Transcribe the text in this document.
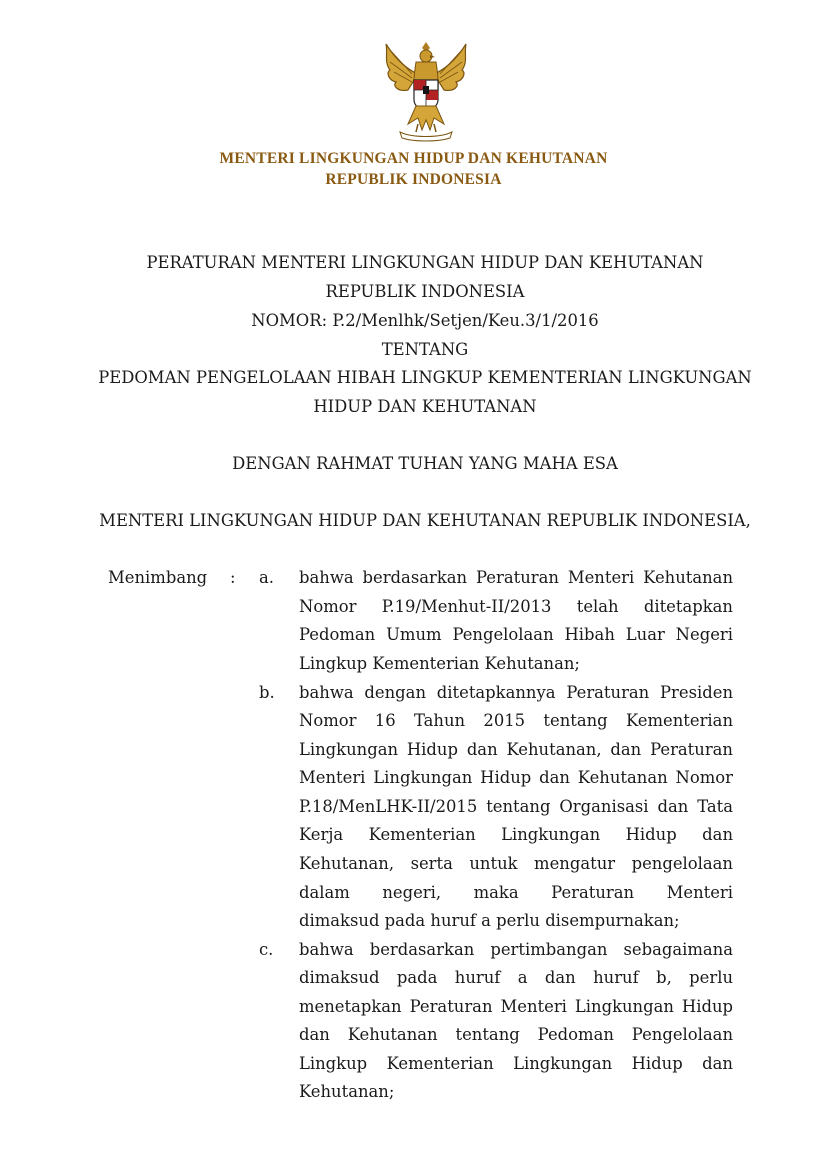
MENTERI LINGKUNGAN HIDUP DAN KEHUTANAN
REPUBLIK INDONESIA
PERATURAN MENTERI LINGKUNGAN HIDUP DAN KEHUTANAN
REPUBLIK INDONESIA
NOMOR: P.2/Menlhk/Setjen/Keu.3/1/2016
TENTANG
PEDOMAN PENGELOLAAN HIBAH LINGKUP KEMENTERIAN LINGKUNGAN
HIDUP DAN KEHUTANAN
DENGAN RAHMAT TUHAN YANG MAHA ESA
MENTERI LINGKUNGAN HIDUP DAN KEHUTANAN REPUBLIK INDONESIA,
Menimbang : a. bahwa berdasarkan Peraturan Menteri Kehutanan
Nomor P.19/Menhut-II/2013 telah ditetapkan
Pedoman Umum Pengelolaan Hibah Luar Negeri
Lingkup Kementerian Kehutanan;
b. bahwa dengan ditetapkannya Peraturan Presiden
Nomor 16 Tahun 2015 tentang Kementerian
Lingkungan Hidup dan Kehutanan, dan Peraturan
Menteri Lingkungan Hidup dan Kehutanan Nomor
P.18/MenLHK-II/2015 tentang Organisasi dan Tata
Kerja Kementerian Lingkungan Hidup dan
Kehutanan, serta untuk mengatur pengelolaan
dalam negeri, maka Peraturan Menteri
dimaksud pada huruf a perlu disempurnakan;
c. bahwa berdasarkan pertimbangan sebagaimana
dimaksud pada huruf a dan huruf b, perlu
menetapkan Peraturan Menteri Lingkungan Hidup
dan Kehutanan tentang Pedoman Pengelolaan
Lingkup Kementerian Lingkungan Hidup dan
Kehutanan;
